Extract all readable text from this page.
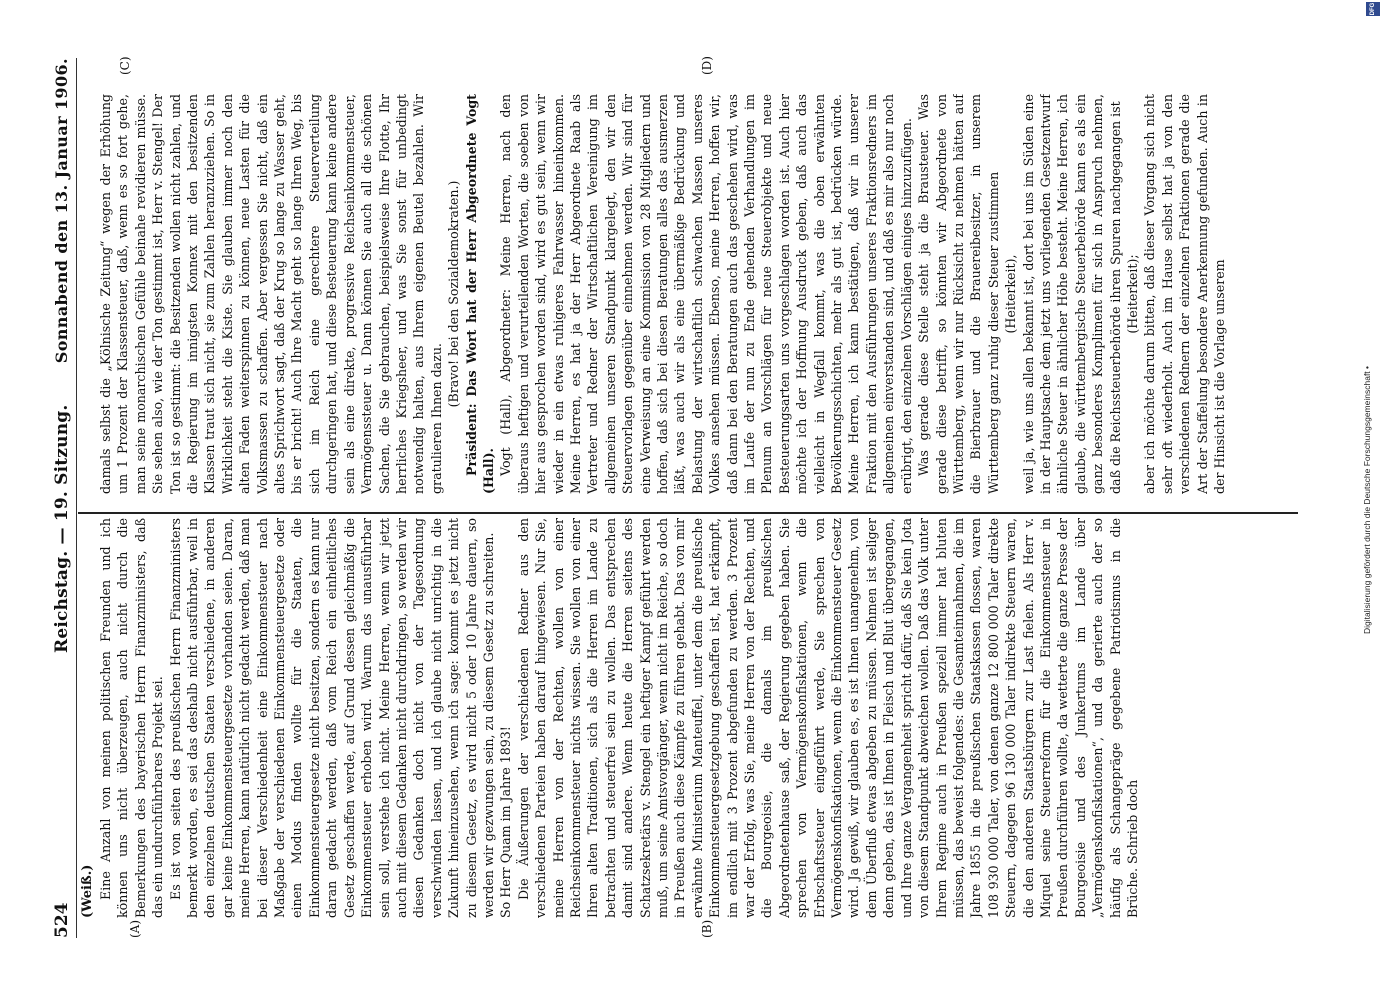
524
Reichstag. — 19. Sitzung.
Sonnabend den 13. Januar 1906.
(Weiß.)
(A)	(B)
(C)	(D)

Eine Anzahl von meinen politischen Freunden und ich können uns nicht überzeugen, auch nicht durch die Bemerkungen des bayerischen Herrn Finanzministers, daß das ein undurchführbares Projekt sei. Es ist von seiten des preußischen Herrn Finanzministers bemerkt worden, es sei das deshalb nicht ausführbar, weil in den einzelnen deutschen Staaten verschiedene, in anderen gar keine Einkommensteuergesetze vorhanden seien. Daran, meine Herren, kann natürlich nicht gedacht werden, daß man bei dieser Verschiedenheit eine Einkommensteuer nach Maßgabe der verschiedenen Einkommensteuergesetze oder einen Modus finden wollte für die Staaten, die Einkommensteuergesetze nicht besitzen, sondern es kann nur daran gedacht werden, daß vom Reich ein einheitliches Gesetz geschaffen werde, auf Grund dessen gleichmäßig die Einkommensteuer erhoben wird. Warum das unausführbar sein soll, verstehe ich nicht. Meine Herren, wenn wir jetzt auch mit diesem Gedanken nicht durchdringen, so werden wir diesen Gedanken doch nicht von der Tagesordnung verschwinden lassen, und ich glaube nicht unrichtig in die Zukunft hineinzusehen, wenn ich sage: kommt es jetzt nicht zu diesem Gesetz, es wird nicht 5 oder 10 Jahre dauern, so werden wir gezwungen sein, zu diesem Gesetz zu schreiten. So Herr Quam im Jahre 1893! Die Äußerungen der verschiedenen Redner aus den verschiedenen Parteien haben darauf hingewiesen. Nur Sie, meine Herren von der Rechten, wollen von einer Reichseinkommensteuer nichts wissen. Sie wollen von einer Ihren alten Traditionen, sich als die Herren im Lande zu betrachten und steuerfrei sein zu wollen. Das entsprechen damit sind andere. Wenn heute die Herren seitens des Schatzsekretärs v. Stengel ein heftiger Kampf geführt werden muß, um seine Amtsvorgänger, wenn nicht im Reiche, so doch in Preußen auch diese Kämpfe zu führen gehabt. Das von mir erwähnte Ministerium Manteuffel, unter dem die preußische Einkommensteuergesetzgebung geschaffen ist, hat erkämpft, im endlich mit 3 Prozent abgefunden zu werden. 3 Prozent war der Erfolg, was Sie, meine Herren von der Rechten, und die Bourgeoisie, die damals im preußischen Abgeordnetenhause saß, der Regierung gegeben haben. Sie sprechen von Vermögenskonfiskationen, wenn die Erbschaftssteuer eingeführt werde, Sie sprechen von Vermögenskonfiskationen, wenn die Einkommensteuer Gesetz wird. Ja gewiß, wir glauben es, es ist Ihnen unangenehm, von dem Überfluß etwas abgeben zu müssen. Nehmen ist seliger denn geben, das ist Ihnen in Fleisch und Blut übergegangen, und Ihre ganze Vergangenheit spricht dafür, daß Sie kein Jota von diesem Standpunkt abweichen wollen. Daß das Volk unter Ihrem Regime auch in Preußen speziell immer hat bluten müssen, das beweist folgendes: die Gesamteinnahmen, die im Jahre 1855 in die preußischen Staatskassen flossen, waren 108 930 000 Taler, von denen ganze 12 800 000 Taler direkte Steuern, dagegen 96 130 000 Taler indirekte Steuern waren, die den anderen Staatsbürgern zur Last fielen. Als Herr v. Miquel seine Steuerreform für die Einkommensteuer in Preußen durchführen wollte, da wetterte die ganze Presse der Bourgeoisie und des Junkertums im Lande über „Vermögenskonfiskationen“, und da gerierte auch der so häufig als Schangepräge gegebene Patriotismus in die Brüche. Schrieb doch

damals selbst die „Kölnische Zeitung“ wegen der Erhöhung um 1 Prozent der Klassensteuer, daß, wenn es so fort gehe, man seine monarchischen Gefühle beinahe revidieren müsse. Sie sehen also, wie der Ton gestimmt ist, Herr v. Stengel! Der Ton ist so gestimmt: die Besitzenden wollen nicht zahlen, und die Regierung im innigsten Konnex mit den besitzenden Klassen traut sich nicht, sie zum Zahlen heranzuziehen. So in Wirklichkeit steht die Kiste. Sie glauben immer noch den alten Faden weiterspinnen zu können, neue Lasten für die Volksmassen zu schaffen. Aber vergessen Sie nicht, daß ein altes Sprichwort sagt, daß der Krug so lange zu Wasser geht, bis er bricht! Auch Ihre Macht geht so lange Ihren Weg, bis sich im Reich eine gerechtere Steuerverteilung durchgeringen hat, und diese Besteuerung kann keine andere sein als eine direkte, progressive Reichseinkommensteuer, Vermögenssteuer u. Dann können Sie auch all die schönen Sachen, die Sie gebrauchen, beispielsweise Ihre Flotte, Ihr herrliches Kriegsheer, und was Sie sonst für unbedingt notwendig halten, aus Ihrem eigenen Beutel bezahlen. Wir gratulieren Ihnen dazu.

(Bravo! bei den Sozialdemokraten.) Präsident: Das Wort hat der Herr Abgeordnete Vogt (Hall). Vogt (Hall), Abgeordneter: Meine Herren, nach den überaus heftigen und verurteilenden Worten, die soeben von hier aus gesprochen worden sind, wird es gut sein, wenn wir wieder in ein etwas ruhigeres Fahrwasser hineinkommen. Meine Herren, es hat ja der Herr Abgeordnete Raab als Vertreter und Redner der Wirtschaftlichen Vereinigung im allgemeinen unseren Standpunkt klargelegt, den wir den Steuervorlagen gegenüber einnehmen werden. Wir sind für eine Verweisung an eine Kommission von 28 Mitgliedern und hoffen, daß sich bei diesen Beratungen alles das ausmerzen läßt, was auch wir als eine übermäßige Bedrückung und Belastung der wirtschaftlich schwachen Massen unseres Volkes ansehen müssen. Ebenso, meine Herren, hoffen wir, daß dann bei den Beratungen auch das geschehen wird, was im Laufe der nun zu Ende gehenden Verhandlungen im Plenum an Vorschlägen für neue Steuerobjekte und neue Besteuerungsarten uns vorgeschlagen worden ist. Auch hier möchte ich der Hoffnung Ausdruck geben, daß auch das vielleicht in Wegfall kommt, was die oben erwähnten Bevölkerungsschichten, mehr als gut ist, bedrücken würde. Meine Herren, ich kann bestätigen, daß wir in unserer Fraktion mit den Ausführungen unseres Fraktionsredners im allgemeinen einverstanden sind, und daß es mir also nur noch erübrigt, den einzelnen Vorschlägen einiges hinzuzufügen. Was gerade diese Stelle steht ja die Brausteuer. Was gerade diese betrifft, so könnten wir Abgeordnete von Württemberg, wenn wir nur Rücksicht zu nehmen hätten auf die Bierbrauer und die Brauereibesitzer, in unserem Württemberg ganz ruhig dieser Steuer zustimmen (Heiterkeit), weil ja, wie uns allen bekannt ist, dort bei uns im Süden eine in der Hauptsache dem jetzt uns vorliegenden Gesetzentwurf ähnliche Steuer in ähnlicher Höhe besteht. Meine Herren, ich glaube, die württembergische Steuerbehörde kann es als ein ganz besonderes Kompliment für sich in Anspruch nehmen, daß die Reichssteuerbehörde ihren Spuren nachgegangen ist (Heiterkeit); aber ich möchte darum bitten, daß dieser Vorgang sich nicht sehr oft wiederholt. Auch im Hause selbst hat ja von den verschiedenen Rednern der einzelnen Fraktionen gerade die Art der Staffelung besondere Anerkennung gefunden. Auch in der Hinsicht ist die Vorlage unserem	Digitalisierung gefördert durch die Deutsche Forschungsgemeinschaft •
DFG
